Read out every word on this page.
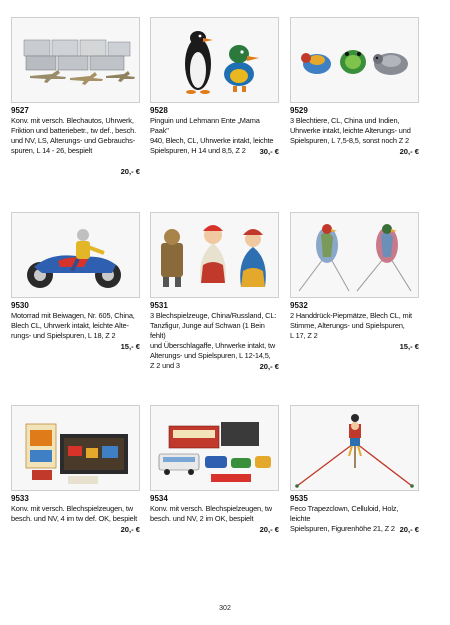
9527
Konv. mit versch. Blechautos, Uhrwerk,
Friktion und batteriebetr., tw def., besch.
und NV, LS, Alterungs- und Gebrauchs-
spuren, L 14 - 26, bespielt
20,- €
9528
Pinguin und Lehmann Ente „Mama Paak"
940, Blech, CL, Uhrwerke intakt, leichte
Spielspuren, H 14 und 8,5, Z 2	30,- €
9529
3 Blechtiere, CL, China und Indien,
Uhrwerke intakt, leichte Alterungs- und
Spielspuren, L 7,5-8,5, sonst noch Z 2
20,- €
9530
Motorrad mit Beiwagen, Nr. 605, China,
Blech CL, Uhrwerk intakt, leichte Alte-
rungs- und Spielspuren, L 18, Z 2
15,- €
9531
3 Blechspielzeuge, China/Russland, CL:
Tanzfigur, Junge auf Schwan (1 Bein fehlt)
und Überschlagaffe, Uhrwerke intakt, tw
Alterungs- und Spielspuren, L 12-14,5,
Z 2 und 3	20,- €
9532
2 Handdrück-Piepmätze, Blech CL, mit
Stimme, Alterungs- und Spielspuren,
L 17, Z 2
15,- €
9533
Konv. mit versch. Blechspielzeugen, tw
besch. und NV, 4 im tw def. OK, bespielt
20,- €
9534
Konv. mit versch. Blechspielzeugen, tw
besch. und NV, 2 im OK, bespielt
20,- €
9535
Feco Trapezclown, Celluloid, Holz, leichte
Spielspuren, Figurenhöhe 21, Z 2 20,- €
302
